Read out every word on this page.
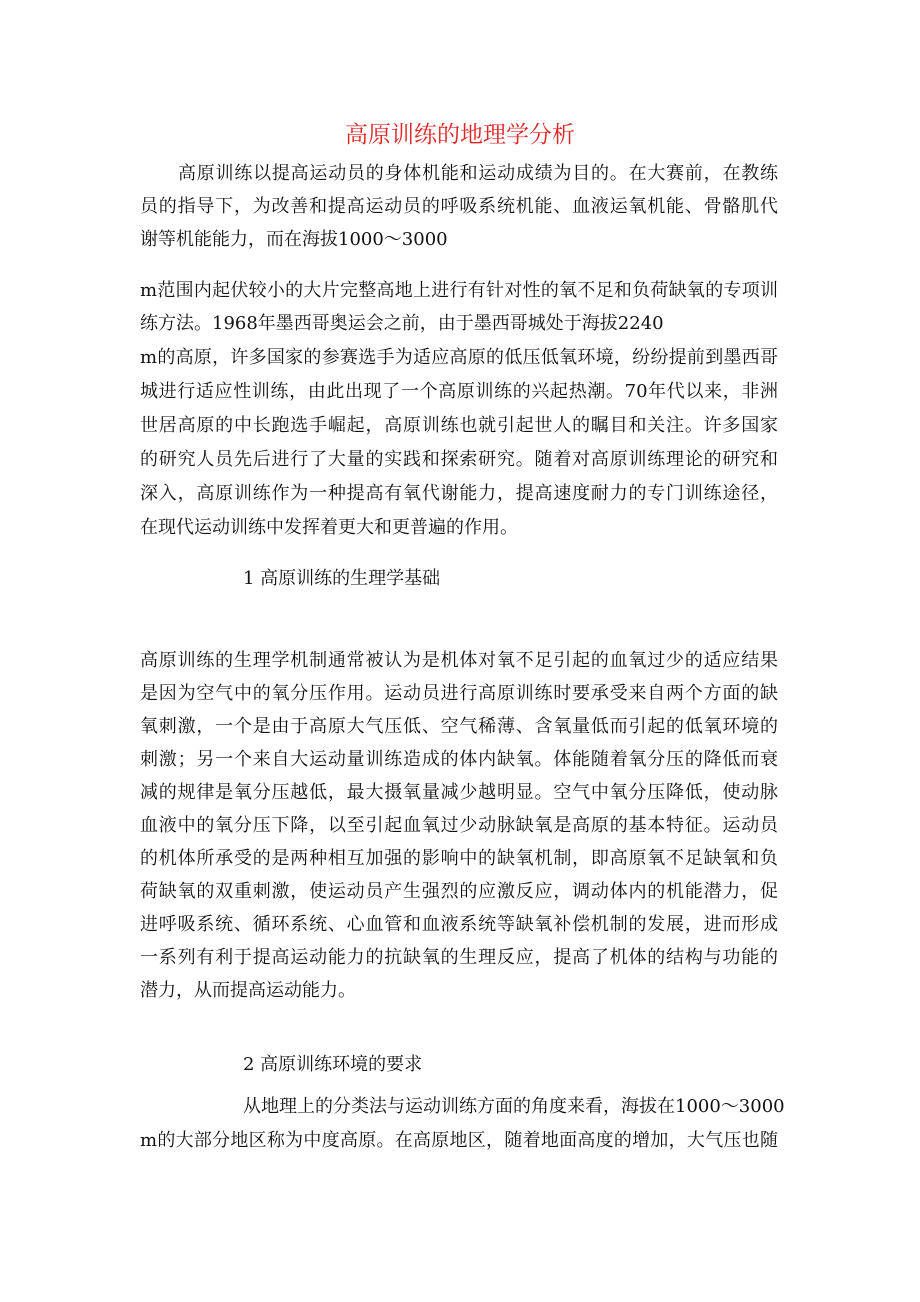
高原训练的地理学分析
高原训练以提高运动员的身体机能和运动成绩为目的。在大赛前，在教练
员的指导下，为改善和提高运动员的呼吸系统机能、血液运氧机能、骨骼肌代
谢等机能能力，而在海拔1000～3000
m范围内起伏较小的大片完整高地上进行有针对性的氧不足和负荷缺氧的专项训
练方法。1968年墨西哥奥运会之前，由于墨西哥城处于海拔2240
m的高原，许多国家的参赛选手为适应高原的低压低氧环境，纷纷提前到墨西哥
城进行适应性训练，由此出现了一个高原训练的兴起热潮。70年代以来，非洲
世居高原的中长跑选手崛起，高原训练也就引起世人的瞩目和关注。许多国家
的研究人员先后进行了大量的实践和探索研究。随着对高原训练理论的研究和
深入，高原训练作为一种提高有氧代谢能力，提高速度耐力的专门训练途径，
在现代运动训练中发挥着更大和更普遍的作用。
1 高原训练的生理学基础
高原训练的生理学机制通常被认为是机体对氧不足引起的血氧过少的适应结果
是因为空气中的氧分压作用。运动员进行高原训练时要承受来自两个方面的缺
氧刺激，一个是由于高原大气压低、空气稀薄、含氧量低而引起的低氧环境的
刺激；另一个来自大运动量训练造成的体内缺氧。体能随着氧分压的降低而衰
减的规律是氧分压越低，最大摄氧量减少越明显。空气中氧分压降低，使动脉
血液中的氧分压下降，以至引起血氧过少动脉缺氧是高原的基本特征。运动员
的机体所承受的是两种相互加强的影响中的缺氧机制，即高原氧不足缺氧和负
荷缺氧的双重刺激，使运动员产生强烈的应激反应，调动体内的机能潜力，促
进呼吸系统、循环系统、心血管和血液系统等缺氧补偿机制的发展，进而形成
一系列有利于提高运动能力的抗缺氧的生理反应，提高了机体的结构与功能的
潜力，从而提高运动能力。
2 高原训练环境的要求
从地理上的分类法与运动训练方面的角度来看，海拔在1000～3000
m的大部分地区称为中度高原。在高原地区，随着地面高度的增加，大气压也随
